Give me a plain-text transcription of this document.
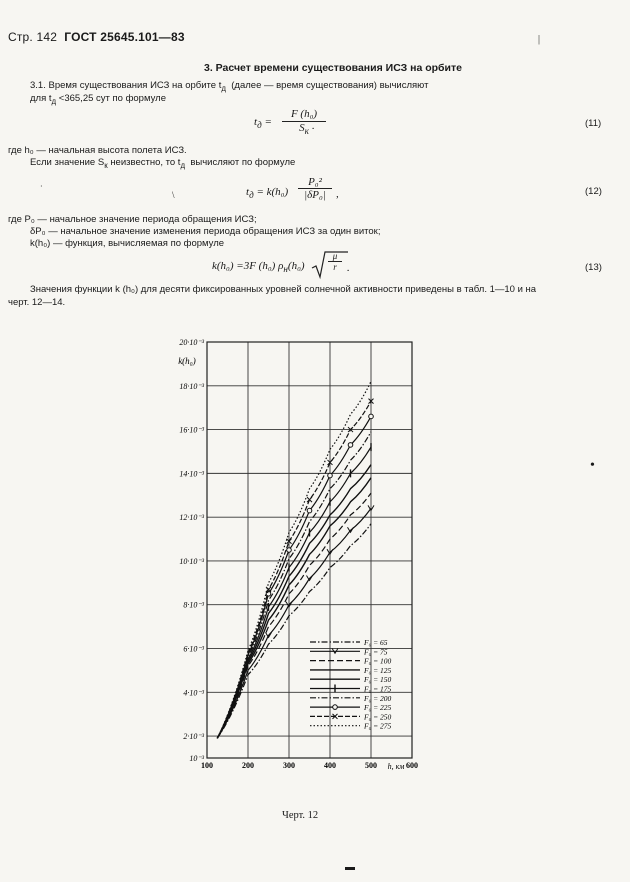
Стр. 142 ГОСТ 25645.101—83	|
3. Расчет времени существования ИСЗ на орбите
3.1. Время существования ИСЗ на орбите $t_д$ (далее — время существования) вычисляют
для $t_д <365,25$ сут по формуле
$t_д$ =
F (h₀)
$S_к$ .	(11)
где h₀ — начальная высота полета ИСЗ.
Если значение $S_к$ неизвестно, то $t_д$ вычисляют по формуле
\	$t_д = k(h_0)$
P₀²
|δP₀| ,	(12)
где P₀ — начальное значение периода обращения ИСЗ;
δP₀ — начальное значение изменения периода обращения ИСЗ за один виток;
k(h₀) — функция, вычисляемая по формуле
k(h₀) =3F (h₀) $\rho_н(h_0)$
μ
r .	(13)
Значения функции k (h₀) для десяти фиксированных уровней солнечной активности приведены в табл. 1—10 и на
черт. 12—14.
10⁻³
2·10⁻³
4·10⁻³
6·10⁻³
8·10⁻³
10·10⁻³
12·10⁻³
14·10⁻³
16·10⁻³
18·10⁻³
20·10⁻³
100	200	300	400	500	600
k(h₀)
h, км
F₀ = 65
F₀ = 75
F₀ = 100
F₀ = 125
F₀ = 150
F₀ = 175
F₀ = 200
F₀ = 225
F₀ = 250
F₀ = 275
Черт. 12
·
•
▬
